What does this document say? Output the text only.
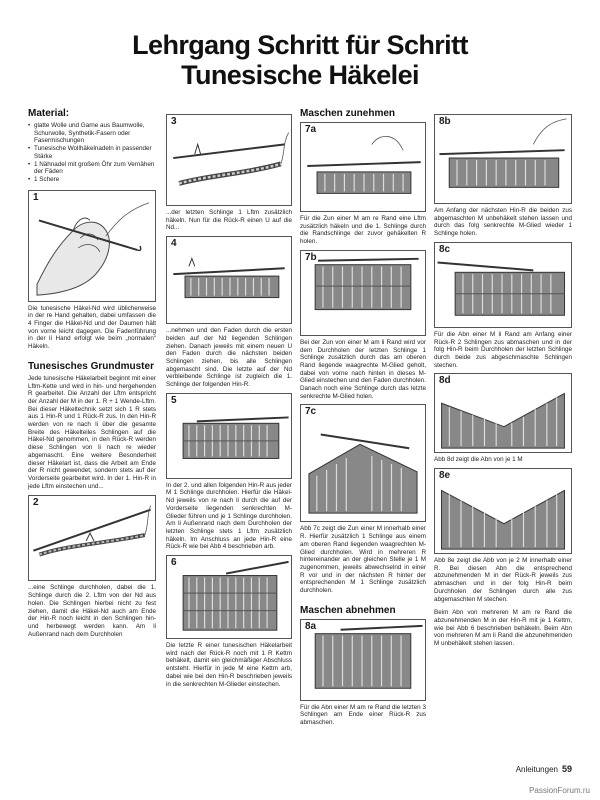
Lehrgang Schritt für Schritt
Tunesische Häkelei
Material:
• glatte Wolle und Garne aus Baumwolle, Schurwolle, Synthetik-Fasern oder Fasermischungen
• Tunesische Wollhäkelnadeln in passender Stärke
• 1 Nähnadel mit großem Öhr zum Vernähen der Fäden
• 1 Schere
1
Die tunesische Häkel-Nd wird üblicherweise in der re Hand gehalten, dabei umfassen die 4 Finger die Häkel-Nd und der Daumen hält von vorne leicht dagegen. Die Fadenführung in der li Hand erfolgt wie beim „normalen“ Häkeln.
Tunesisches Grundmuster
Jede tunesische Häkelarbeit beginnt mit einer Lftm-Kette und wird in hin- und hergehenden R gearbeitet. Die Anzahl der Lftm entspricht der Anzahl der M in der 1. R + 1 Wende-Lftm. Bei dieser Häkeltechnik setzt sich 1 R stets aus 1 Hin-R und 1 Rück-R zus. In den Hin-R werden von re nach li über die gesamte Breite des Häkelteiles Schlingen auf die Häkel-Nd genommen, in den Rück-R werden diese Schlingen von li nach re wieder abgemascht. Eine weitere Besonderheit dieser Häkelart ist, dass die Arbeit am Ende der R nicht gewendet, sondern stets auf der Vorderseite gearbeitet wird. In der 1. Hin-R in jede Lftm einstechen und...
2
...eine Schlinge durchholen, dabei die 1. Schlinge durch die 2. Lftm von der Nd aus holen. Die Schlingen hierbei nicht zu fest ziehen, damit die Häkel-Nd auch am Ende der Hin-R noch leicht in den Schlingen hin- und herbewegt werden kann. Am li Außenrand nach dem Durchholen
3
...der letzten Schlinge 1 Lftm zusätzlich häkeln. Nun für die Rück-R einen U auf die Nd...
4
...nehmen und den Faden durch die ersten beiden auf der Nd liegenden Schlingen ziehen. Danach jeweils mit einem neuen U den Faden durch die nächsten beiden Schlingen ziehen, bis alle Schlingen abgemascht sind. Die letzte auf der Nd verbleibende Schlinge ist zugleich die 1. Schlinge der folgenden Hin-R.
5
In der 2. und allen folgenden Hin-R aus jeder M 1 Schlinge durchholen. Hierfür die Häkel-Nd jeweils von re nach li durch die auf der Vorderseite liegenden senkrechten M-Glieder führen und je 1 Schlinge durchholen. Am li Außenrand nach dem Durchholen der letzten Schlinge stets 1 Lftm zusätzlich häkeln. Im Anschluss an jede Hin-R eine Rück-R wie bei Abb 4 beschrieben arb.
6
Die letzte R einer tunesischen Häkelarbeit wird nach der Rück-R noch mit 1 R Kettm behäkelt, damit ein gleichmäßiger Abschluss entsteht. Hierfür in jede M eine Kettm arb, dabei wie bei den Hin-R beschrieben jeweils in die senkrechten M-Glieder einstechen.
Maschen zunehmen
7a
Für die Zun einer M am re Rand eine Lftm zusätzlich häkeln und die 1. Schlinge durch die Randschlinge der zuvor gehäkelten R holen.
7b
Bei der Zun von einer M am li Rand wird vor dem Durchholen der letzten Schlinge 1 Schlinge zusätzlich durch das am oberen Rand liegende waagrechte M-Glied geholt, dabei von vorne nach hinten in dieses M-Glied einstechen und den Faden durchholen. Danach noch eine Schlinge durch das letzte senkrechte M-Glied holen.
7c
Abb 7c zeigt die Zun einer M innerhalb einer R. Hierfür zusätzlich 1 Schlinge aus einem am oberen Rand liegenden waagrechten M-Glied durchholen. Wird in mehreren R hintereinander an der gleichen Stelle je 1 M zugenommen, jeweils abwechselnd in einer R vor und in der nächsten R hinter der entsprechenden M 1 Schlinge zusätzlich durchholen.
Maschen abnehmen
8a
Für die Abn einer M am re Rand die letzten 3 Schlingen am Ende einer Rück-R zus abmaschen.
8b
Am Anfang der nächsten Hin-R die beiden zus abgemaschten M unbehäkelt stehen lassen und durch das folg senkrechte M-Glied wieder 1 Schlinge holen.
8c
Für die Abn einer M li Rand am Anfang einer Rück-R 2 Schlingen zus abmaschen und in der folg Hin-R beim Durchholen der letzten Schlinge durch beide zus abgeschmaschte Schlingen stechen.
8d
Abb 8d zeigt die Abn von je 1 M
8e
Abb 8e zeigt die Abb von je 2 M innerhalb einer R. Bei diesen Abn die entsprechend abzunehmenden M in der Rück-R jeweils zus abmaschen und in der folg Hin-R beim Durchholen der Schlingen durch alle zus abgemaschten M stechen.
Beim Abn von mehreren M am re Rand die abzunehmenden M in der Hin-R mit je 1 Kettm, wie bei Abb 6 beschrieben behäkeln. Beim Abn von mehreren M am li Rand die abzunehmenden M unbehäkelt stehen lassen.
Anleitungen 59
PassionForum.ru
